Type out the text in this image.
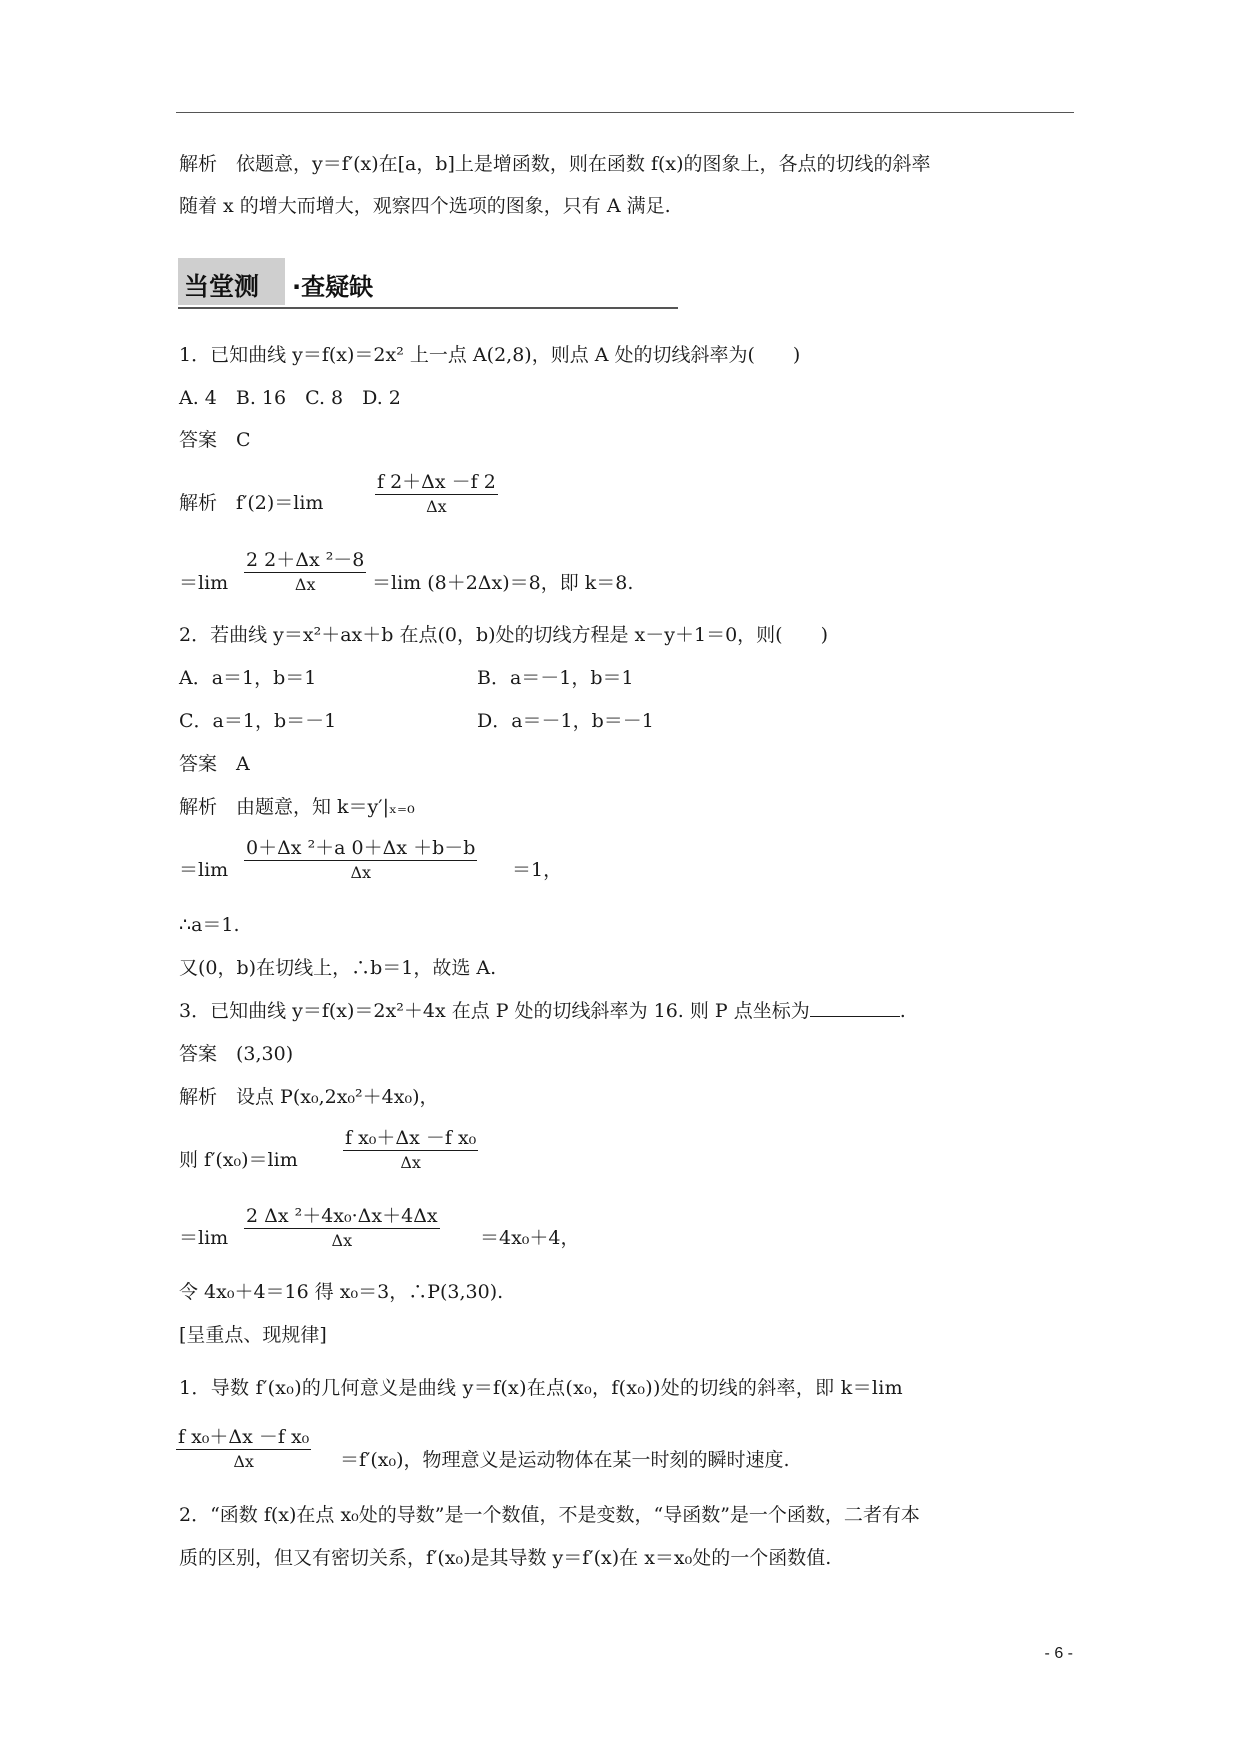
解析　依题意，y＝f′(x)在[a，b]上是增函数，则在函数 f(x)的图象上，各点的切线的斜率
随着 x 的增大而增大，观察四个选项的图象，只有 A 满足.
当堂测 ·查疑缺
1．已知曲线 y＝f(x)＝2x² 上一点 A(2,8)，则点 A 处的切线斜率为(　　)
A. 4　B. 16　C. 8　D. 2
答案　C
解析　f′(2)＝lim
f 2＋Δx －f 2
Δx
＝lim
2 2＋Δx ²－8
Δx	＝lim (8＋2Δx)＝8，即 k＝8.
2．若曲线 y＝x²＋ax＋b 在点(0，b)处的切线方程是 x－y＋1＝0，则(　　)
A．a＝1，b＝1	B．a＝－1，b＝1
C．a＝1，b＝－1	D．a＝－1，b＝－1
答案　A
解析　由题意，知 k＝y′|ₓ₌₀
＝lim
0＋Δx ²＋a 0＋Δx ＋b－b
Δx	＝1，
∴a＝1.
又(0，b)在切线上，∴b＝1，故选 A.
3．已知曲线 y＝f(x)＝2x²＋4x 在点 P 处的切线斜率为 16. 则 P 点坐标为	.
答案　(3,30)
解析　设点 P(x₀,2x₀²＋4x₀)，
则 f′(x₀)＝lim
f x₀＋Δx －f x₀
Δx
＝lim
2 Δx ²＋4x₀·Δx＋4Δx
Δx	＝4x₀＋4，
令 4x₀＋4＝16 得 x₀＝3，∴P(3,30).
[呈重点、现规律]
1．导数 f′(x₀)的几何意义是曲线 y＝f(x)在点(x₀，f(x₀))处的切线的斜率，即 k＝lim
f x₀＋Δx －f x₀
Δx	＝f′(x₀)，物理意义是运动物体在某一时刻的瞬时速度.
2．“函数 f(x)在点 x₀处的导数”是一个数值，不是变数，“导函数”是一个函数，二者有本
质的区别，但又有密切关系，f′(x₀)是其导数 y＝f′(x)在 x＝x₀处的一个函数值.
- 6 -
